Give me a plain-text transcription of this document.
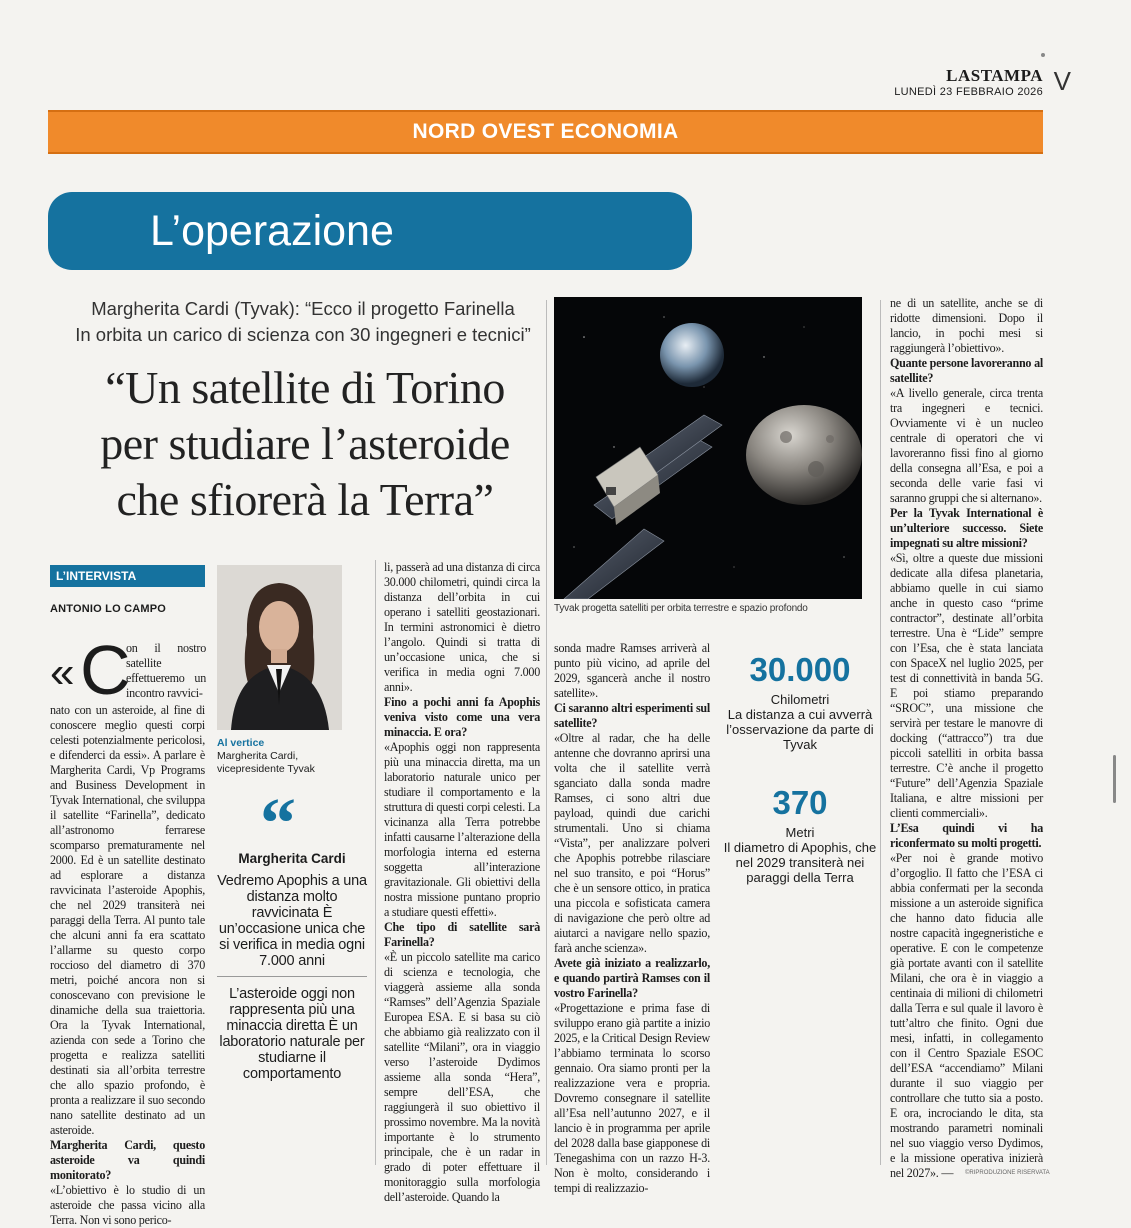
LASTAMPA
LUNEDÌ 23 FEBBRAIO 2026 V
NORD OVEST ECONOMIA
L’operazione
Margherita Cardi (Tyvak): “Ecco il progetto Farinella
In orbita un carico di scienza con 30 ingegneri e tecnici”
“Un satellite di Torino
per studiare l’asteroide
che sfiorerà la Terra”
Tyvak progetta satelliti per orbita terrestre e spazio profondo
L’INTERVISTA
ANTONIO LO CAMPO
« C
on il nostro satellite effettueremo un incontro ravvici-

nato con un asteroide, al fine di conoscere meglio questi corpi celesti potenzialmente pericolosi, e difenderci da essi». A parlare è Margherita Cardi, Vp Programs and Business Development in Tyvak International, che sviluppa il satellite “Farinella”, dedicato all’astronomo ferrarese scomparso prematuramente nel 2000. Ed è un satellite destinato ad esplorare a distanza ravvicinata l’asteroide Apophis, che nel 2029 transiterà nei paraggi della Terra. Al punto tale che alcuni anni fa era scattato l’allarme su questo corpo roccioso del diametro di 370 metri, poiché ancora non si conoscevano con previsione le dinamiche della sua traiettoria. Ora la Tyvak International, azienda con sede a Torino che progetta e realizza satelliti destinati sia all’orbita terrestre che allo spazio profondo, è pronta a realizzare il suo secondo nano satellite destinato ad un asteroide.

Margherita Cardi, questo asteroide va quindi monitorato?

«L’obiettivo è lo studio di un asteroide che passa vicino alla Terra. Non vi sono perico-

Al vertice
Margherita Cardi, vicepresidente Tyvak
“
Margherita Cardi
Vedremo Apophis a una distanza molto ravvicinata È un’occasione unica che si verifica in media ogni 7.000 anni
L’asteroide oggi non rappresenta più una minaccia diretta È un laboratorio naturale per studiarne il comportamento

li, passerà ad una distanza di circa 30.000 chilometri, quindi circa la distanza dell’orbita in cui operano i satelliti geostazionari. In termini astronomici è dietro l’angolo. Quindi si tratta di un’occasione unica, che si verifica in media ogni 7.000 anni».

Fino a pochi anni fa Apophis veniva visto come una vera minaccia. E ora?

«Apophis oggi non rappresenta più una minaccia diretta, ma un laboratorio naturale unico per studiare il comportamento e la struttura di questi corpi celesti. La vicinanza alla Terra potrebbe infatti causarne l’alterazione della morfologia interna ed esterna soggetta all’interazione gravitazionale. Gli obiettivi della nostra missione puntano proprio a studiare questi effetti».

Che tipo di satellite sarà Farinella?

«È un piccolo satellite ma carico di scienza e tecnologia, che viaggerà assieme alla sonda “Ramses” dell’Agenzia Spaziale Europea ESA. E si basa su ciò che abbiamo già realizzato con il satellite “Milani”, ora in viaggio verso l’asteroide Dydimos assieme alla sonda “Hera”, sempre dell’ESA, che raggiungerà il suo obiettivo il prossimo novembre. Ma la novità importante è lo strumento principale, che è un radar in grado di poter effettuare il monitoraggio sulla morfologia dell’asteroide. Quando la

sonda madre Ramses arriverà al punto più vicino, ad aprile del 2029, sgancerà anche il nostro satellite».

Ci saranno altri esperimenti sul satellite?

«Oltre al radar, che ha delle antenne che dovranno aprirsi una volta che il satellite verrà sganciato dalla sonda madre Ramses, ci sono altri due payload, quindi due carichi strumentali. Uno si chiama “Vista”, per analizzare polveri che Apophis potrebbe rilasciare nel suo transito, e poi “Horus” che è un sensore ottico, in pratica una piccola e sofisticata camera di navigazione che però oltre ad aiutarci a navigare nello spazio, farà anche scienza».

Avete già iniziato a realizzarlo, e quando partirà Ramses con il vostro Farinella?

«Progettazione e prima fase di sviluppo erano già partite a inizio 2025, e la Critical Design Review l’abbiamo terminata lo scorso gennaio. Ora siamo pronti per la realizzazione vera e propria. Dovremo consegnare il satellite all’Esa nell’autunno 2027, e il lancio è in programma per aprile del 2028 dalla base giapponese di Tenegashima con un razzo H-3. Non è molto, considerando i tempi di realizzazio-

30.000
Chilometri
La distanza a cui avverrà l’osservazione da parte di Tyvak
370
Metri
Il diametro di Apophis, che nel 2029 transiterà nei paraggi della Terra

ne di un satellite, anche se di ridotte dimensioni. Dopo il lancio, in pochi mesi si raggiungerà l’obiettivo».

Quante persone lavoreranno al satellite?

«A livello generale, circa trenta tra ingegneri e tecnici. Ovviamente vi è un nucleo centrale di operatori che vi lavoreranno fissi fino al giorno della consegna all’Esa, e poi a seconda delle varie fasi vi saranno gruppi che si alternano».

Per la Tyvak International è un’ulteriore successo. Siete impegnati su altre missioni?

«Sì, oltre a queste due missioni dedicate alla difesa planetaria, abbiamo quelle in cui siamo anche in questo caso “prime contractor”, destinate all’orbita terrestre. Una è “Lide” sempre con l’Esa, che è stata lanciata con SpaceX nel luglio 2025, per test di connettività in banda 5G. E poi stiamo preparando “SROC”, una missione che servirà per testare le manovre di docking (“attracco”) tra due piccoli satelliti in orbita bassa terrestre. C’è anche il progetto “Future” dell’Agenzia Spaziale Italiana, e altre missioni per clienti commerciali».

L’Esa quindi vi ha riconfermato su molti progetti.

«Per noi è grande motivo d’orgoglio. Il fatto che l’ESA ci abbia confermati per la seconda missione a un asteroide significa che hanno dato fiducia alle nostre capacità ingegneristiche e operative. E con le competenze già portate avanti con il satellite Milani, che ora è in viaggio a centinaia di milioni di chilometri dalla Terra e sul quale il lavoro è tutt’altro che finito. Ogni due mesi, infatti, in collegamento con il Centro Spaziale ESOC dell’ESA “accendiamo” Milani durante il suo viaggio per controllare che tutto sia a posto. E ora, incrociando le dita, sta mostrando parametri nominali nel suo viaggio verso Dydimos, e la missione operativa inizierà nel 2027». —	©RIPRODUZIONE RISERVATA
